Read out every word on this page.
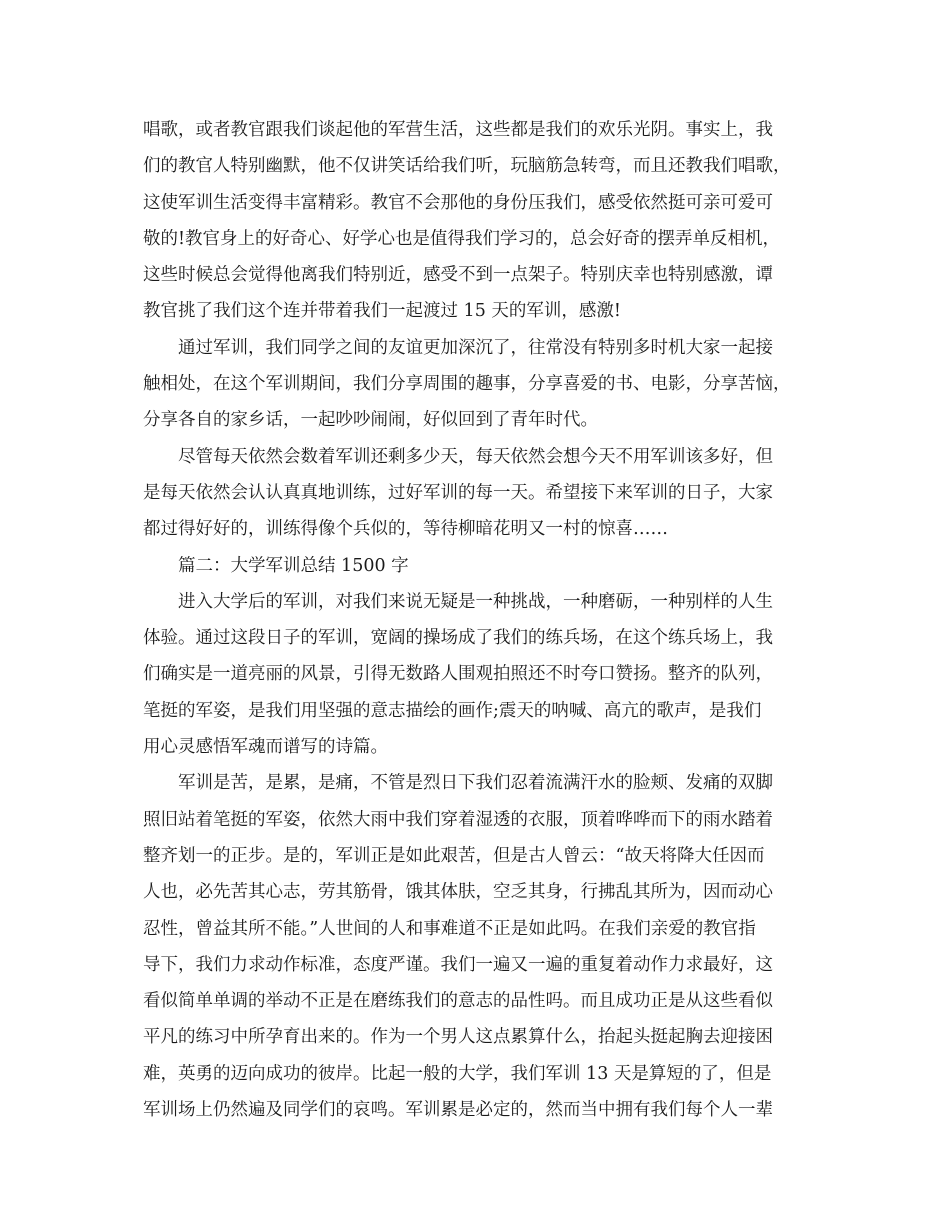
唱歌，或者教官跟我们谈起他的军营生活，这些都是我们的欢乐光阴。事实上，我

们的教官人特别幽默，他不仅讲笑话给我们听，玩脑筋急转弯，而且还教我们唱歌，

这使军训生活变得丰富精彩。教官不会那他的身份压我们，感受依然挺可亲可爱可

敬的!教官身上的好奇心、好学心也是值得我们学习的，总会好奇的摆弄单反相机，

这些时候总会觉得他离我们特别近，感受不到一点架子。特别庆幸也特别感激，谭

教官挑了我们这个连并带着我们一起渡过 15 天的军训，感激!

通过军训，我们同学之间的友谊更加深沉了，往常没有特别多时机大家一起接

触相处，在这个军训期间，我们分享周围的趣事，分享喜爱的书、电影，分享苦恼，

分享各自的家乡话，一起吵吵闹闹，好似回到了青年时代。

尽管每天依然会数着军训还剩多少天，每天依然会想今天不用军训该多好，但

是每天依然会认认真真地训练，过好军训的每一天。希望接下来军训的日子，大家

都过得好好的，训练得像个兵似的，等待柳暗花明又一村的惊喜……

篇二：大学军训总结 1500 字

进入大学后的军训，对我们来说无疑是一种挑战，一种磨砺，一种别样的人生

体验。通过这段日子的军训，宽阔的操场成了我们的练兵场，在这个练兵场上，我

们确实是一道亮丽的风景，引得无数路人围观拍照还不时夸口赞扬。整齐的队列，

笔挺的军姿，是我们用坚强的意志描绘的画作;震天的呐喊、高亢的歌声，是我们

用心灵感悟军魂而谱写的诗篇。

军训是苦，是累，是痛，不管是烈日下我们忍着流满汗水的脸颊、发痛的双脚

照旧站着笔挺的军姿，依然大雨中我们穿着湿透的衣服，顶着哗哗而下的雨水踏着

整齐划一的正步。是的，军训正是如此艰苦，但是古人曾云：“故天将降大任因而

人也，必先苦其心志，劳其筋骨，饿其体肤，空乏其身，行拂乱其所为，因而动心

忍性，曾益其所不能。”人世间的人和事难道不正是如此吗。在我们亲爱的教官指

导下，我们力求动作标准，态度严谨。我们一遍又一遍的重复着动作力求最好，这

看似简单单调的举动不正是在磨练我们的意志的品性吗。而且成功正是从这些看似

平凡的练习中所孕育出来的。作为一个男人这点累算什么，抬起头挺起胸去迎接困

难，英勇的迈向成功的彼岸。比起一般的大学，我们军训 13 天是算短的了，但是

军训场上仍然遍及同学们的哀鸣。军训累是必定的，然而当中拥有我们每个人一辈
